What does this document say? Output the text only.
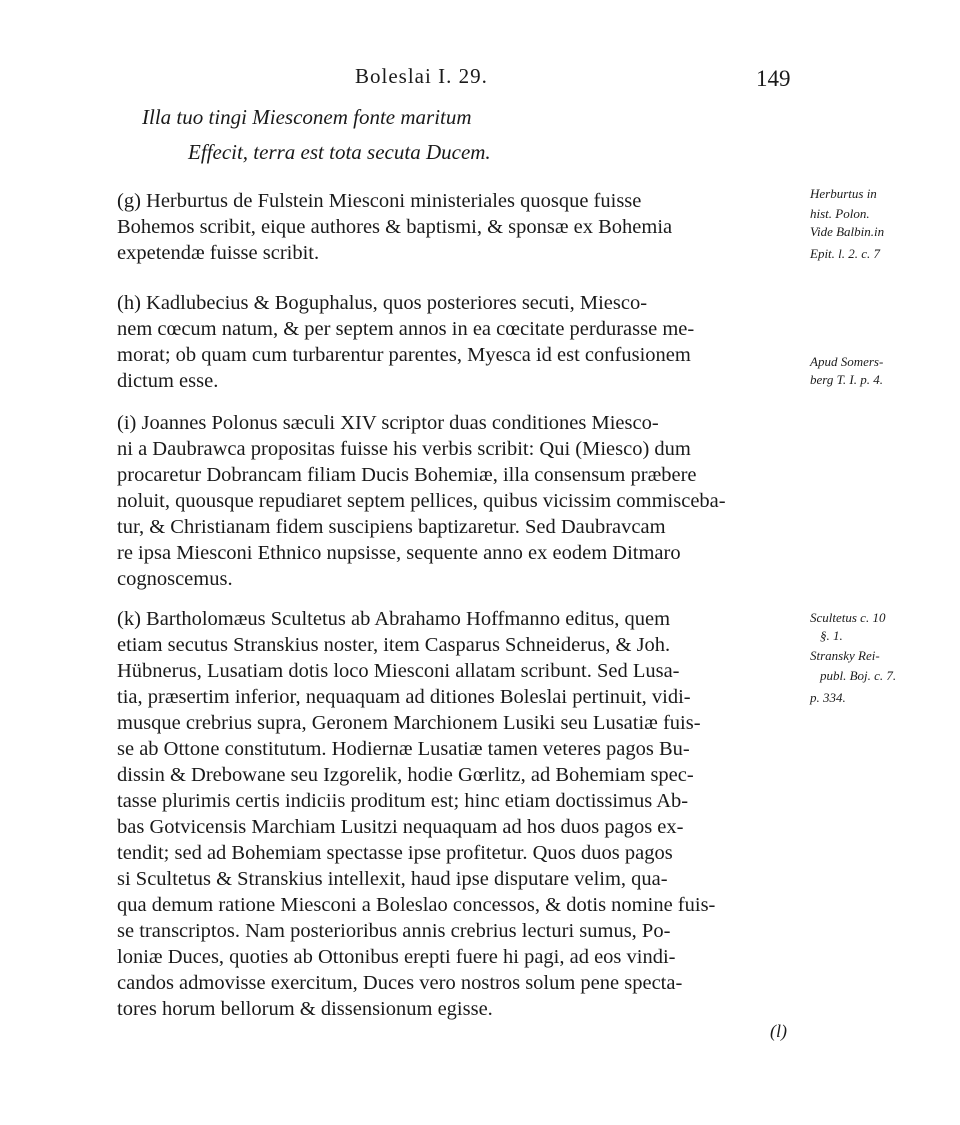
Boleslai I. 29.	149
Illa tuo tingi Miesconem fonte maritum
Effecit, terra est tota secuta Ducem.
(g) Herburtus de Fulstein Miesconi ministeriales quosque fuisse
Bohemos scribit, eique authores & baptismi, & sponsæ ex Bohemia
expetendæ fuisse scribit.
Herburtus in
hist. Polon.
Vide Balbin.in
Epit. l. 2. c. 7
(h) Kadlubecius & Boguphalus, quos posteriores secuti, Miesco-
nem cœcum natum, & per septem annos in ea cœcitate perdurasse me-
morat; ob quam cum turbarentur parentes, Myesca id est confusionem
dictum esse.
Apud Somers-
berg T. I. p. 4.
(i) Joannes Polonus sæculi XIV scriptor duas conditiones Miesco-
ni a Daubrawca propositas fuisse his verbis scribit: Qui (Miesco) dum
procaretur Dobrancam filiam Ducis Bohemiæ, illa consensum præbere
noluit, quousque repudiaret septem pellices, quibus vicissim commiscebа-
tur, & Christianam fidem suscipiens baptizaretur. Sed Daubravcam
re ipsa Miesconi Ethnico nupsisse, sequente anno ex eodem Ditmaro
cognoscemus.
(k) Bartholomæus Scultetus ab Abrahamo Hoffmanno editus, quem
etiam secutus Stranskius noster, item Casparus Schneiderus, & Joh.
Hübnerus, Lusatiam dotis loco Miesconi allatam scribunt. Sed Lusa-
tia, præsertim inferior, nequaquam ad ditiones Boleslai pertinuit, vidi-
musque crebrius supra, Geronem Marchionem Lusiki seu Lusatiæ fuis-
se ab Ottone constitutum. Hodiernæ Lusatiæ tamen veteres pagos Bu-
dissin & Drebowane seu Izgorelik, hodie Gœrlitz, ad Bohemiam spec-
tasse plurimis certis indiciis proditum est; hinc etiam doctissimus Ab-
bas Gotvicensis Marchiam Lusitzi nequaquam ad hos duos pagos ex-
tendit; sed ad Bohemiam spectasse ipse profitetur. Quos duos pagos
si Scultetus & Stranskius intellexit, haud ipse disputare velim, qua-
qua demum ratione Miesconi a Boleslao concessos, & dotis nomine fuis-
se transcriptos. Nam posterioribus annis crebrius lecturi sumus, Po-
loniæ Duces, quoties ab Ottonibus erepti fuere hi pagi, ad eos vindi-
candos admovisse exercitum, Duces vero nostros solum pene specta-
tores horum bellorum & dissensionum egisse.
Scultetus c. 10
§. 1.
Stransky Rei-
publ. Boj. c. 7.
p. 334.
(l)
